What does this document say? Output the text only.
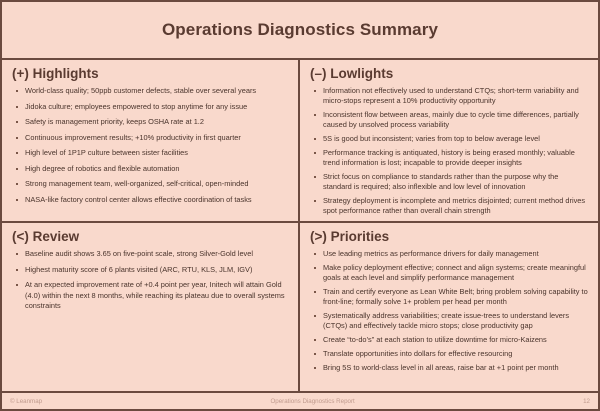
Operations Diagnostics Summary
(+) Highlights
World-class quality; 50ppb customer defects, stable over several years
Jidoka culture; employees empowered to stop anytime for any issue
Safety is management priority, keeps OSHA rate at 1.2
Continuous improvement results; +10% productivity in first quarter
High level of 1P1P culture between sister facilities
High degree of robotics and flexible automation
Strong management team, well-organized, self-critical, open-minded
NASA-like factory control center allows effective coordination of tasks
(–) Lowlights
Information not effectively used to understand CTQs; short-term variability and micro-stops represent a 10% productivity opportunity
Inconsistent flow between areas, mainly due to cycle time differences, partially caused by unsolved process variability
5S is good but inconsistent; varies from top to below average level
Performance tracking is antiquated, history is being erased monthly; valuable trend information is lost; incapable to provide deeper insights
Strict focus on compliance to standards rather than the purpose why the standard is required; also inflexible and low level of innovation
Strategy deployment is incomplete and metrics disjointed; current method drives spot performance rather than overall chain strength
(<) Review
Baseline audit shows 3.65 on five-point scale, strong Silver-Gold level
Highest maturity score of 6 plants visited (ARC, RTU, KLS, JLM, IGV)
At an expected improvement rate of +0.4 point per year, Initech will attain Gold (4.0) within the next 8 months, while reaching its plateau due to overall systems constraints
(>) Priorities
Use leading metrics as performance drivers for daily management
Make policy deployment effective; connect and align systems; create meaningful goals at each level and simplify performance management
Train and certify everyone as Lean White Belt; bring problem solving capability to front-line; formally solve 1+ problem per head per month
Systematically address variabilities; create issue-trees to understand levers (CTQs) and effectively tackle micro stops; close productivity gap
Create “to-do’s” at each station to utilize downtime for micro-Kaizens
Translate opportunities into dollars for effective resourcing
Bring 5S to world-class level in all areas, raise bar at +1 point per month
© Leanmap	Operations Diagnostics Report	12
